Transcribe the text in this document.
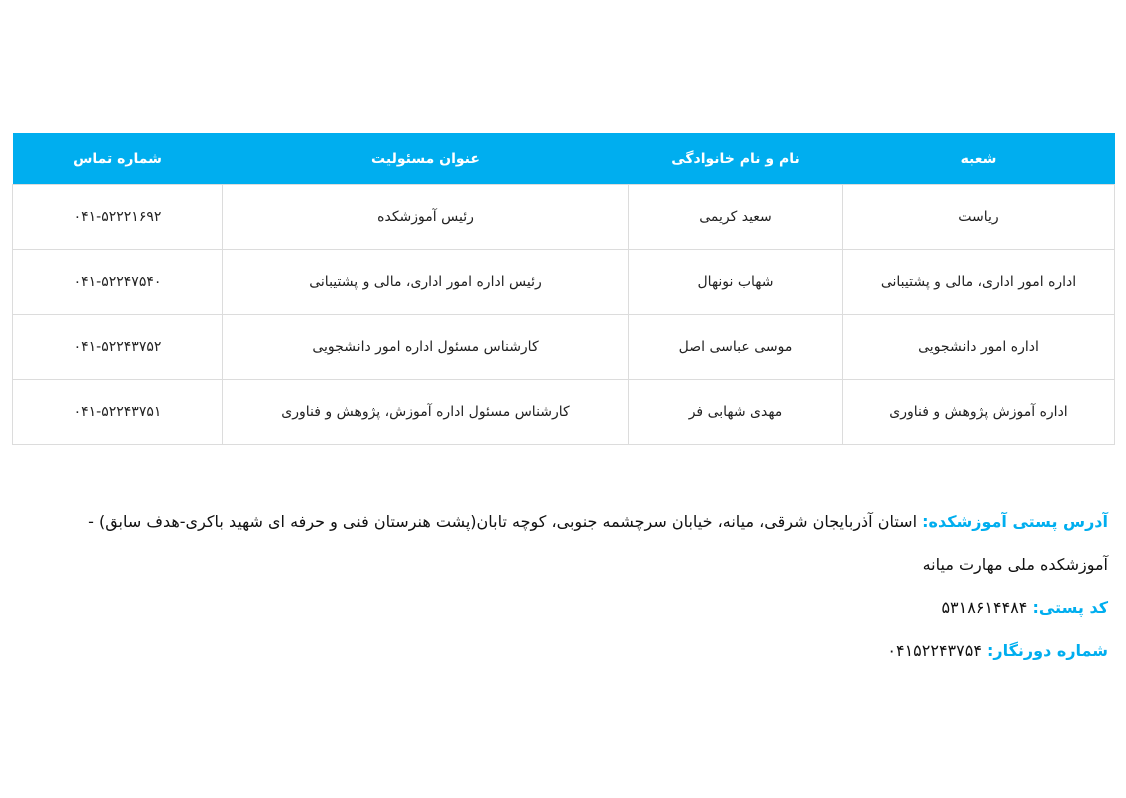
شعبه	نام و نام خانوادگی	عنوان مسئولیت	شماره تماس
ریاست	سعید کریمی	رئیس آموزشکده	۰۴۱-۵۲۲۲۱۶۹۲
اداره امور اداری، مالی و پشتیبانی	شهاب نونهال	رئیس اداره امور اداری، مالی و پشتیبانی	۰۴۱-۵۲۲۴۷۵۴۰
اداره امور دانشجویی	موسی عباسی اصل	کارشناس مسئول اداره امور دانشجویی	۰۴۱-۵۲۲۴۳۷۵۲
اداره آموزش پژوهش و فناوری	مهدی شهابی فر	کارشناس مسئول اداره آموزش، پژوهش و فناوری	۰۴۱-۵۲۲۴۳۷۵۱

آدرس پستی آموزشکده: استان آذربایجان شرقی، میانه، خیابان سرچشمه جنوبی، کوچه تابان(پشت هنرستان فنی و حرفه ای شهید باکری-هدف سابق) - آموزشکده ملی مهارت میانه

کد پستی: ۵۳۱۸۶۱۴۴۸۴

شماره دورنگار: ۰۴۱۵۲۲۴۳۷۵۴
